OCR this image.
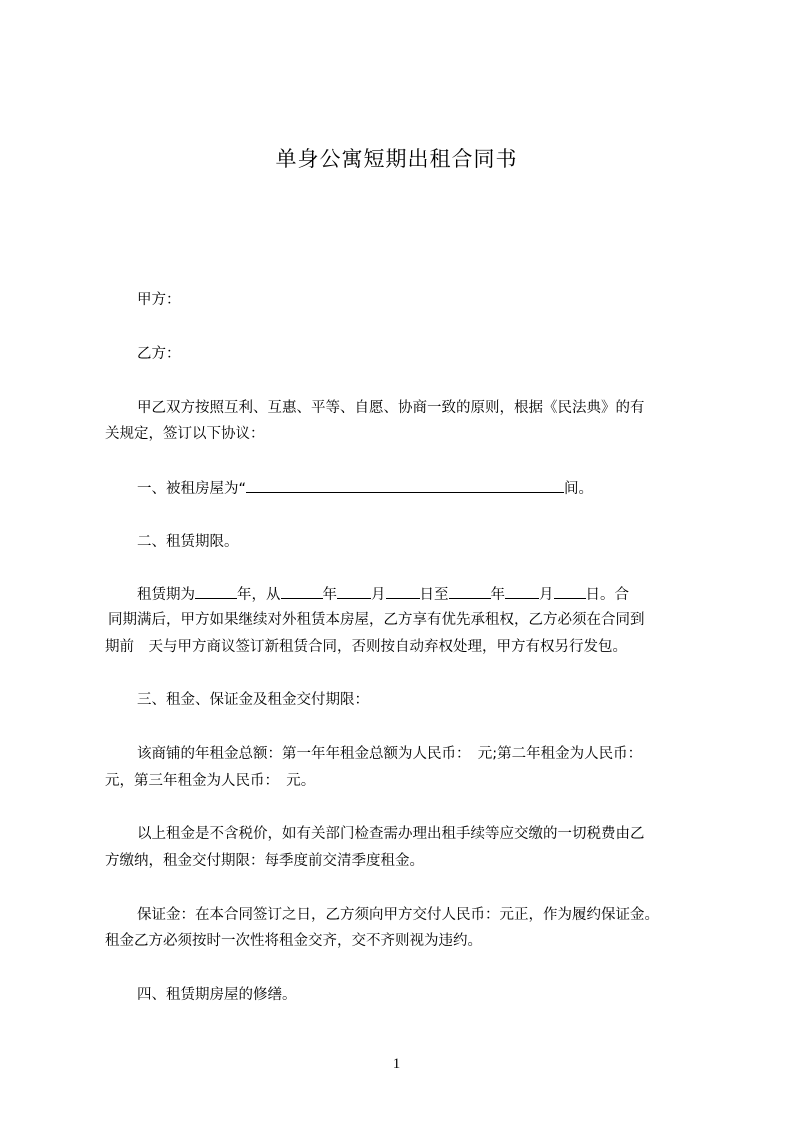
单身公寓短期出租合同书
甲方：
乙方：
甲乙双方按照互利、互惠、平等、自愿、协商一致的原则，根据《民法典》的有
关规定，签订以下协议：
一、被租房屋为“	间。
二、租赁期限。
租赁期为	年，从	年 月 日至	年 月 日。合
同期满后，甲方如果继续对外租赁本房屋，乙方享有优先承租权，乙方必须在合同到
期前　天与甲方商议签订新租赁合同，否则按自动弃权处理，甲方有权另行发包。
三、租金、保证金及租金交付期限：
该商铺的年租金总额：第一年年租金总额为人民币：　元;第二年租金为人民币：
元，第三年租金为人民币：　元。
以上租金是不含税价，如有关部门检查需办理出租手续等应交缴的一切税费由乙
方缴纳，租金交付期限：每季度前交清季度租金。
保证金：在本合同签订之日，乙方须向甲方交付人民币：元正，作为履约保证金。
租金乙方必须按时一次性将租金交齐，交不齐则视为违约。
四、租赁期房屋的修缮。
1
